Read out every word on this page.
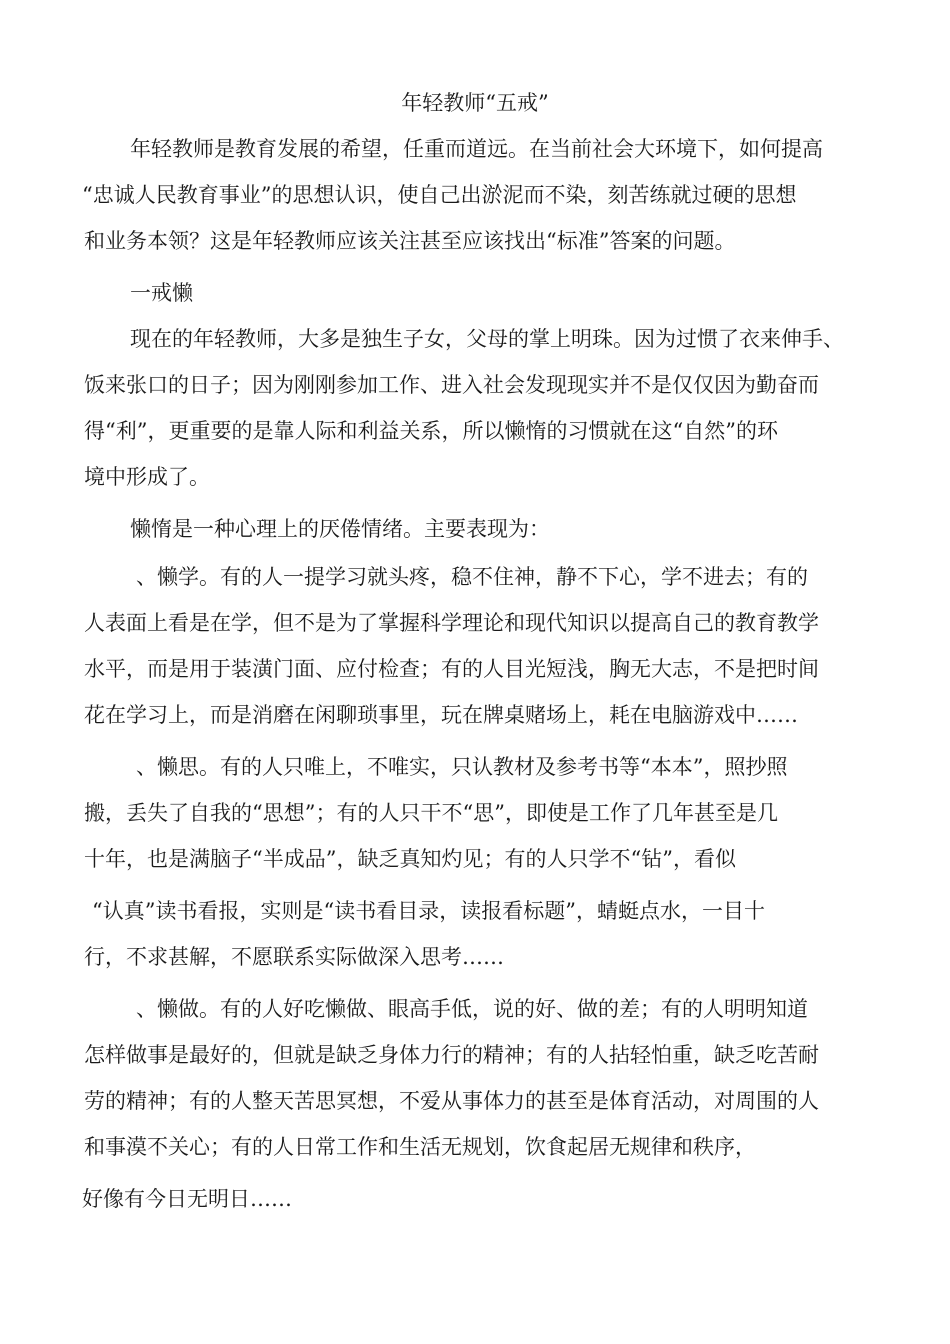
年轻教师“五戒”
年轻教师是教育发展的希望，任重而道远。在当前社会大环境下，如何提高
“忠诚人民教育事业”的思想认识，使自己出淤泥而不染，刻苦练就过硬的思想
和业务本领？这是年轻教师应该关注甚至应该找出“标准”答案的问题。
一戒懒
现在的年轻教师，大多是独生子女，父母的掌上明珠。因为过惯了衣来伸手、
饭来张口的日子；因为刚刚参加工作、进入社会发现现实并不是仅仅因为勤奋而
得“利”，更重要的是靠人际和利益关系，所以懒惰的习惯就在这“自然”的环
境中形成了。
懒惰是一种心理上的厌倦情绪。主要表现为：
、懒学。有的人一提学习就头疼，稳不住神，静不下心，学不进去；有的
人表面上看是在学，但不是为了掌握科学理论和现代知识以提高自己的教育教学
水平，而是用于装潢门面、应付检查；有的人目光短浅，胸无大志，不是把时间
花在学习上，而是消磨在闲聊琐事里，玩在牌桌赌场上，耗在电脑游戏中……
、懒思。有的人只唯上，不唯实，只认教材及参考书等“本本”，照抄照
搬，丢失了自我的“思想”；有的人只干不“思”，即使是工作了几年甚至是几
十年，也是满脑子“半成品”，缺乏真知灼见；有的人只学不“钻”，看似
“认真”读书看报，实则是“读书看目录，读报看标题”，蜻蜓点水，一目十
行，不求甚解，不愿联系实际做深入思考……
、懒做。有的人好吃懒做、眼高手低，说的好、做的差；有的人明明知道
怎样做事是最好的，但就是缺乏身体力行的精神；有的人拈轻怕重，缺乏吃苦耐
劳的精神；有的人整天苦思冥想，不爱从事体力的甚至是体育活动，对周围的人
和事漠不关心；有的人日常工作和生活无规划，饮食起居无规律和秩序，
好像有今日无明日……
